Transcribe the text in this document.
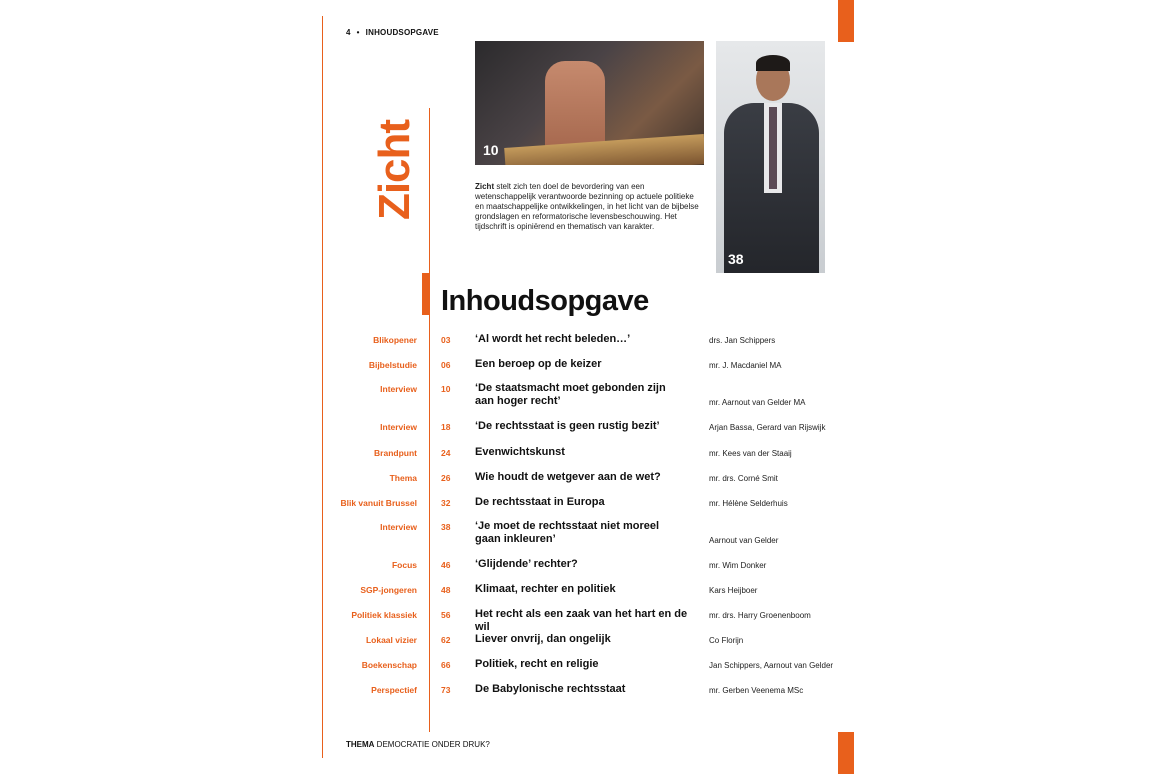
4 • INHOUDSOPGAVE
Zicht	10
38
Zicht stelt zich ten doel de bevordering van een wetenschappelijk verantwoorde bezinning op actuele politieke en maatschappelijke ontwikkelingen, in het licht van de bijbelse grondslagen en reformatorische levensbeschouwing. Het tijdschrift is opiniërend en thematisch van karakter.
Inhoudsopgave
Blikopener	03 ‘Al wordt het recht beleden…’	drs. Jan Schippers
Bijbelstudie	06 Een beroep op de keizer	mr. J. Macdaniel MA
Interview	10 ‘De staatsmacht moet gebonden zijn
aan hoger recht’	mr. Aarnout van Gelder MA
Interview	18 ‘De rechtsstaat is geen rustig bezit’	Arjan Bassa, Gerard van Rijswijk
Brandpunt	24 Evenwichtskunst	mr. Kees van der Staaij
Thema	26 Wie houdt de wetgever aan de wet?	mr. drs. Corné Smit
Blik vanuit Brussel	32 De rechtsstaat in Europa	mr. Hélène Selderhuis
Interview	38 ‘Je moet de rechtsstaat niet moreel
gaan inkleuren’	Aarnout van Gelder
Focus	46 ‘Glijdende’ rechter?	mr. Wim Donker
SGP-jongeren	48 Klimaat, rechter en politiek	Kars Heijboer
Politiek klassiek	56 Het recht als een zaak van het hart en de wil
mr. drs. Harry Groenenboom
Lokaal vizier	62 Liever onvrij, dan ongelijk	Co Florijn
Boekenschap	66 Politiek, recht en religie	Jan Schippers, Aarnout van Gelder
Perspectief	73 De Babylonische rechtsstaat	mr. Gerben Veenema MSc
THEMA DEMOCRATIE ONDER DRUK?
